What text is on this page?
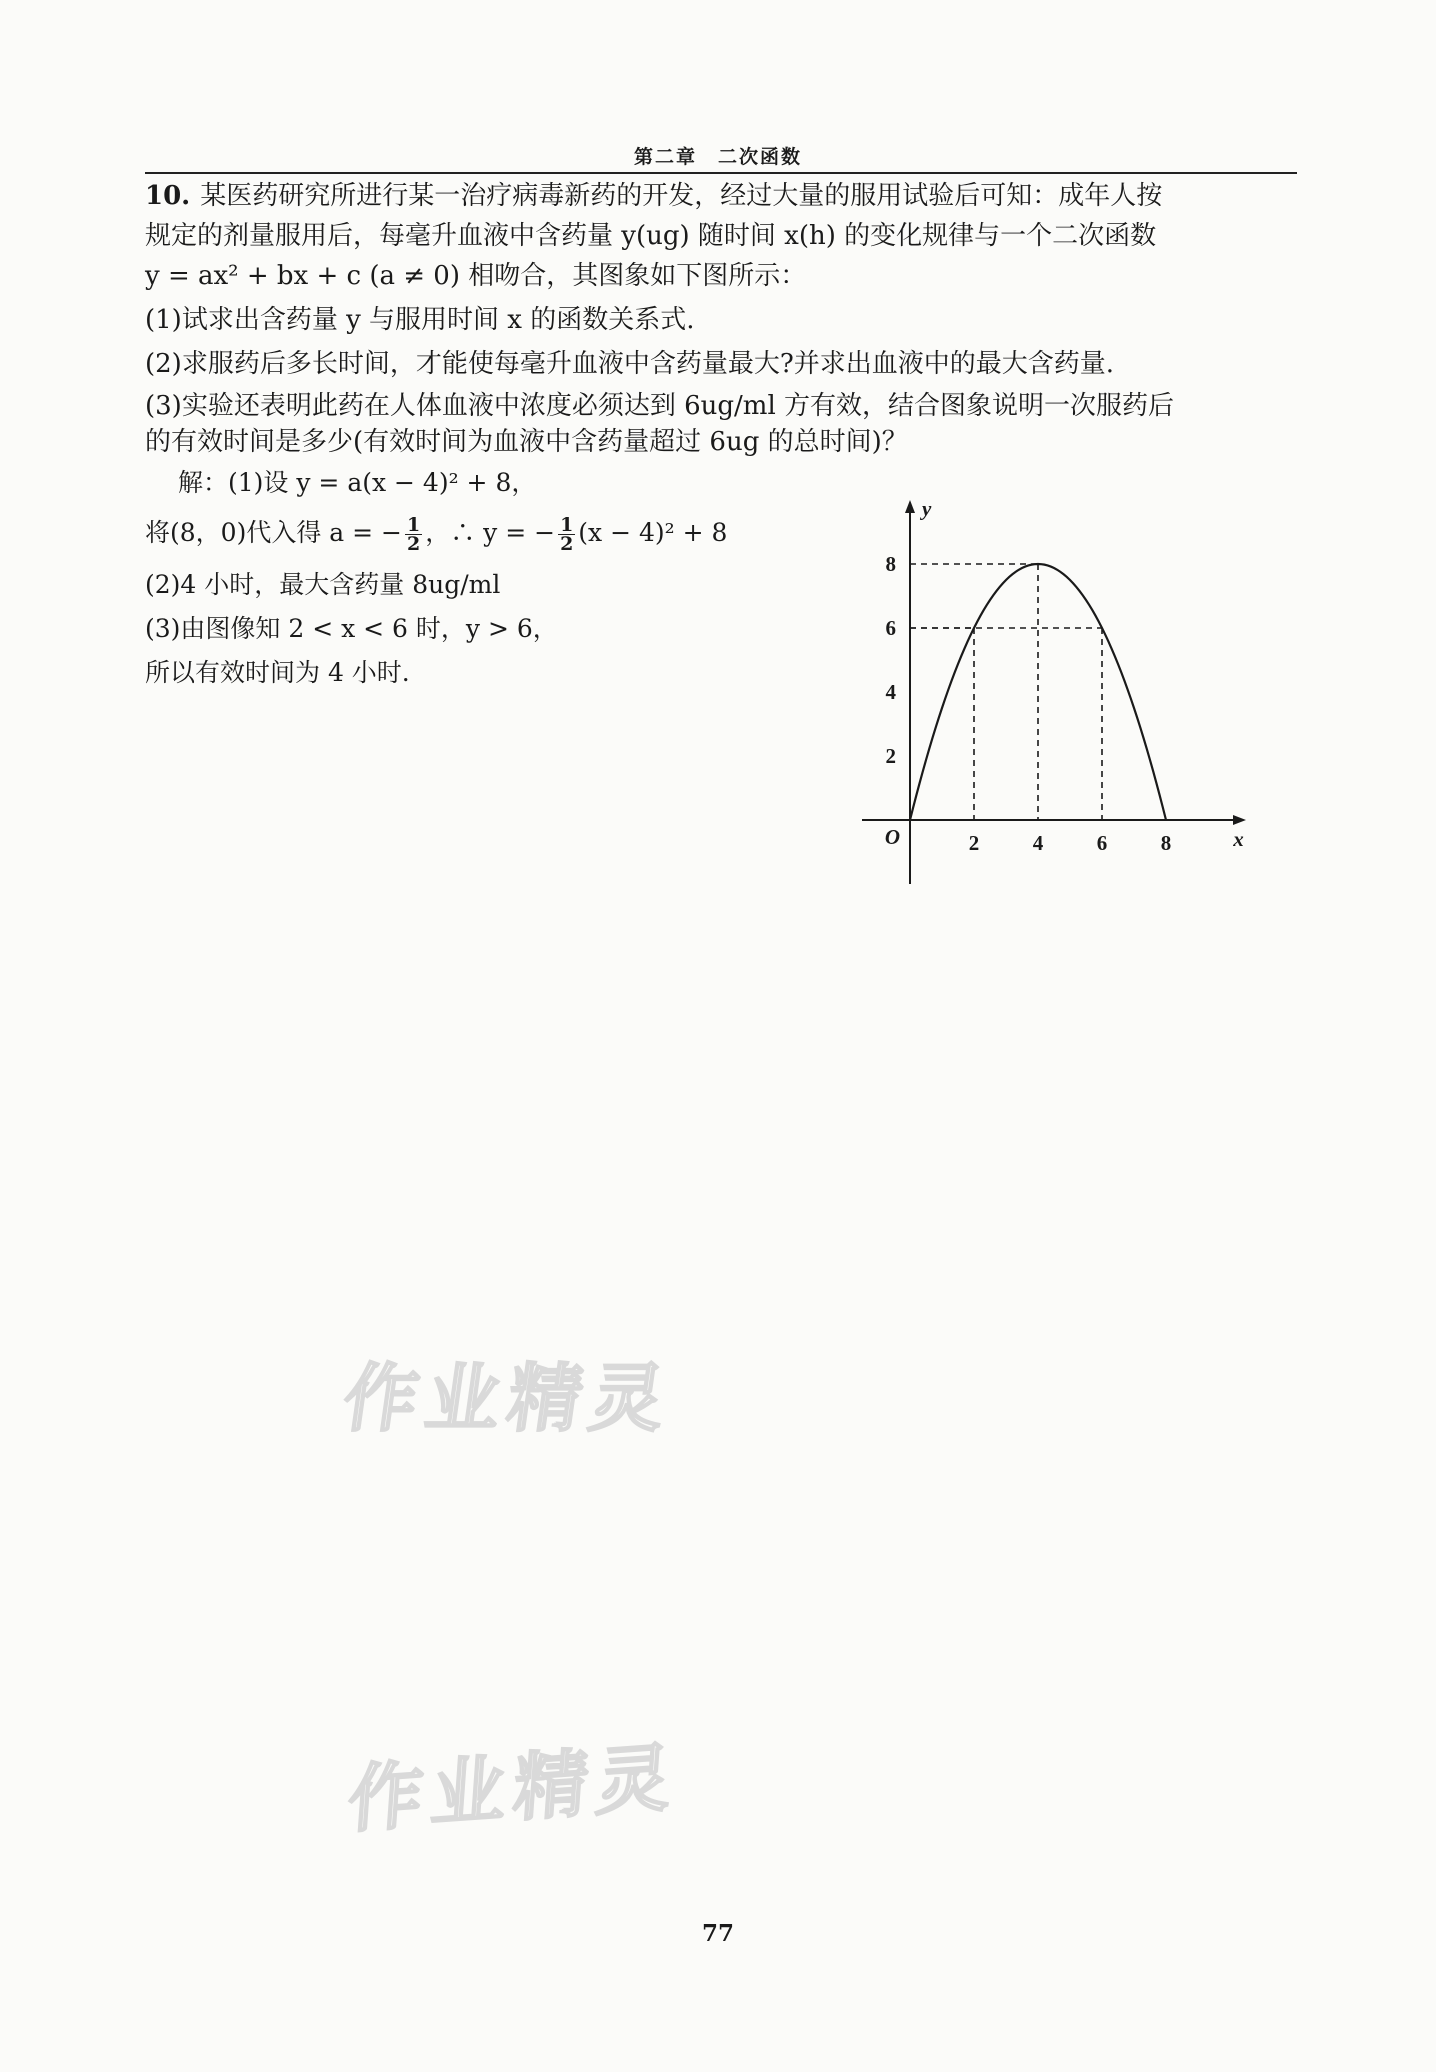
第二章　二次函数
10. 某医药研究所进行某一治疗病毒新药的开发，经过大量的服用试验后可知：成年人按
规定的剂量服用后，每毫升血液中含药量 y(ug) 随时间 x(h) 的变化规律与一个二次函数
y = ax² + bx + c (a ≠ 0) 相吻合，其图象如下图所示：
(1)试求出含药量 y 与服用时间 x 的函数关系式.
(2)求服药后多长时间，才能使每毫升血液中含药量最大?并求出血液中的最大含药量.
(3)实验还表明此药在人体血液中浓度必须达到 6ug/ml 方有效，结合图象说明一次服药后
的有效时间是多少(有效时间为血液中含药量超过 6ug 的总时间)？
解：(1)设 y = a(x − 4)² + 8，
将(8，0)代入得 a = − $\frac{1}{2}$ ，∴ y = − $\frac{1}{2} (x - 4)^2 + 8$
(2)4 小时，最大含药量 8ug/ml
(3)由图像知 2 < x < 6 时，y > 6，
所以有效时间为 4 小时.
2	4	6	8
2
4
6
8
O	x
y
作业精灵
作业精灵
77
